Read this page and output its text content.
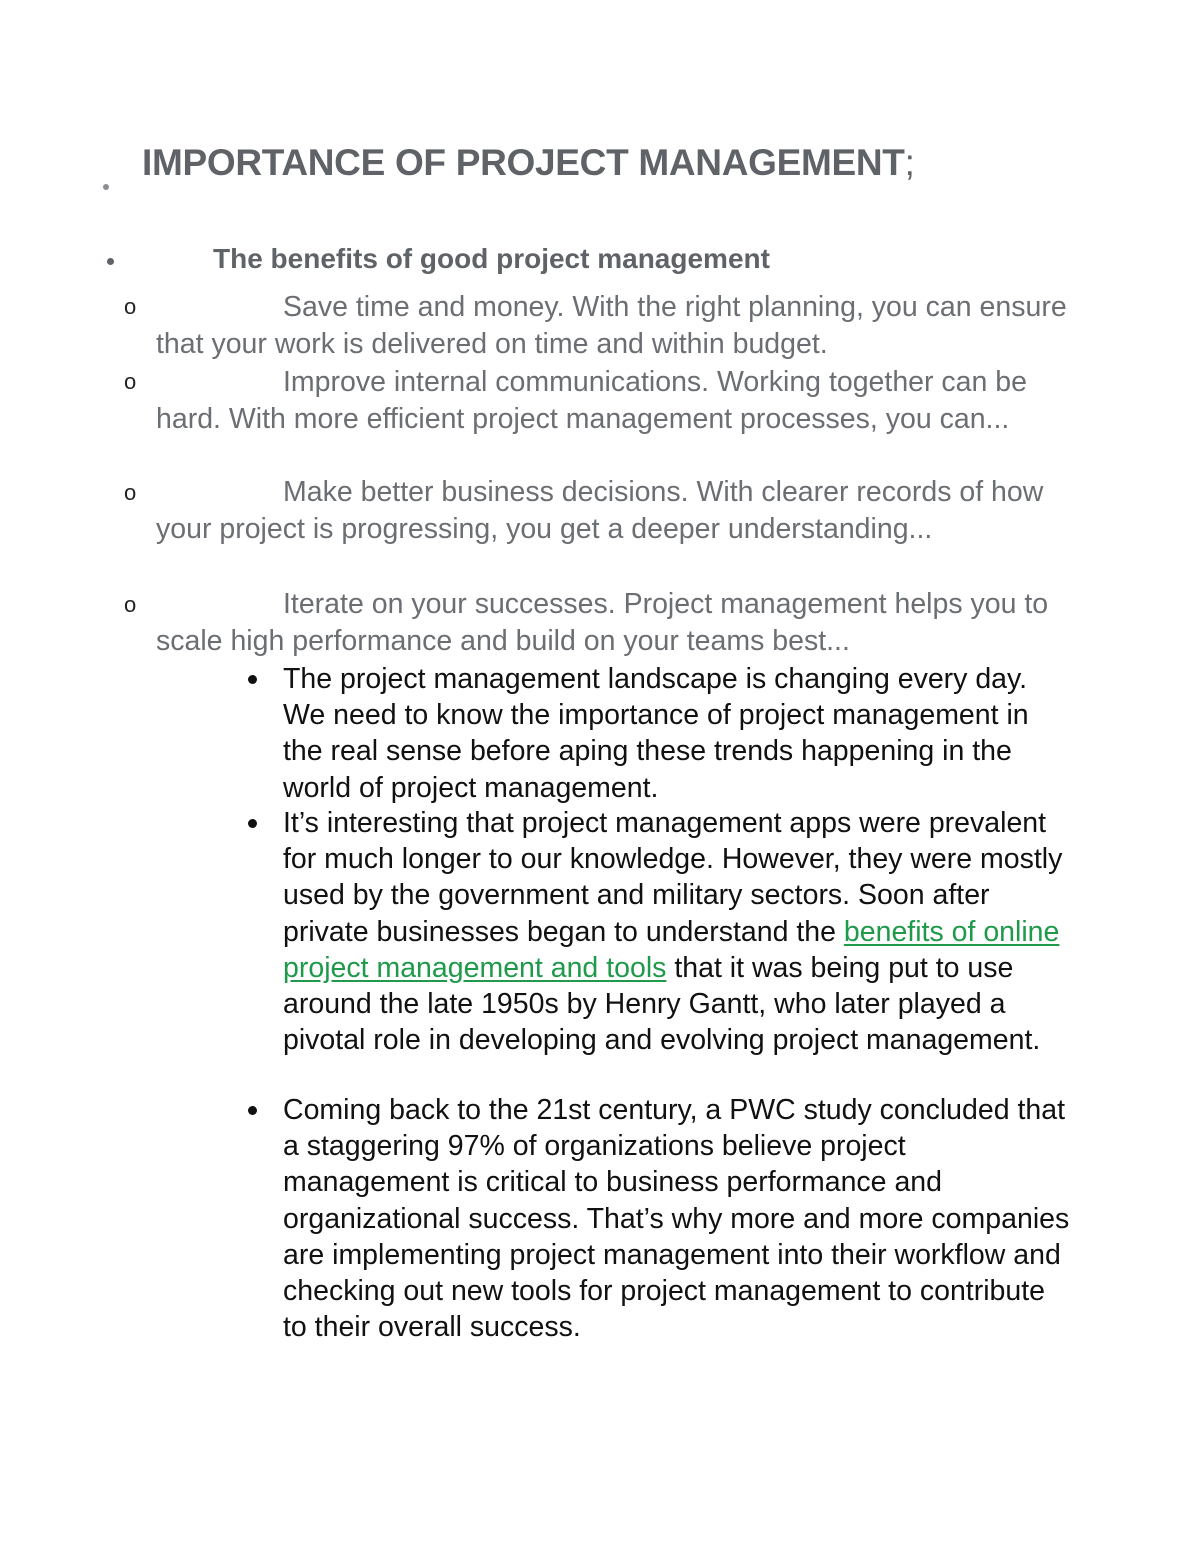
IMPORTANCE OF PROJECT MANAGEMENT;
The benefits of good project management
o	Save time and money. With the right planning, you can ensure that your work is delivered on time and within budget.
o	Improve internal communications. Working together can be hard. With more efficient project management processes, you can...
o	Make better business decisions. With clearer records of how your project is progressing, you get a deeper understanding...
o	Iterate on your successes. Project management helps you to scale high performance and build on your teams best...
The project management landscape is changing every day. We need to know the importance of project management in the real sense before aping these trends happening in the world of project management.
It’s interesting that project management apps were prevalent for much longer to our knowledge. However, they were mostly used by the government and military sectors. Soon after private businesses began to understand the benefits of online project management and tools that it was being put to use around the late 1950s by Henry Gantt, who later played a pivotal role in developing and evolving project management.
Coming back to the 21st century, a PWC study concluded that a staggering 97% of organizations believe project management is critical to business performance and organizational success. That’s why more and more companies are implementing project management into their workflow and checking out new tools for project management to contribute to their overall success.
